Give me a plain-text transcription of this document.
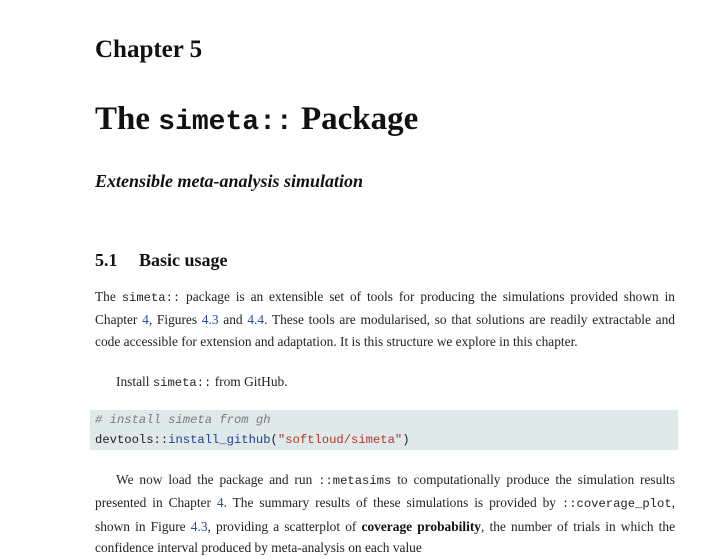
Chapter 5
The simeta:: Package
Extensible meta-analysis simulation
5.1 Basic usage
The simeta:: package is an extensible set of tools for producing the simulations provided shown in Chapter 4, Figures 4.3 and 4.4. These tools are modularised, so that solutions are readily extractable and code accessible for extension and adaptation. It is this structure we explore in this chapter.
Install simeta:: from GitHub.
# install simeta from gh
devtools::install_github("softloud/simeta")
We now load the package and run ::metasims to computationally produce the simulation results presented in Chapter 4. The summary results of these simulations is provided by ::coverage_plot, shown in Figure 4.3, providing a scatterplot of coverage probability, the number of trials in which the confidence interval produced by meta-analysis on each value
